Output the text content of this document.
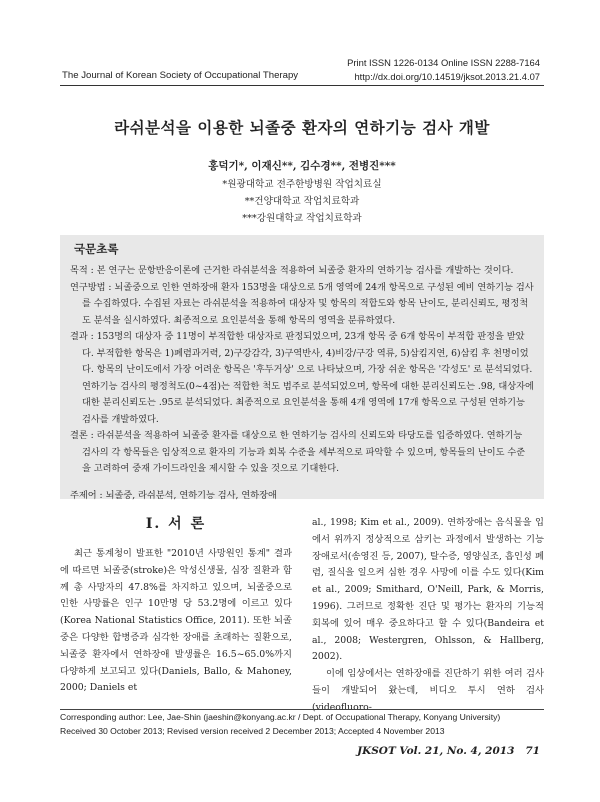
Print ISSN 1226-0134 Online ISSN 2288-7164
http://dx.doi.org/10.14519/jksot.2013.21.4.07
The Journal of Korean Society of Occupational Therapy
라쉬분석을 이용한 뇌졸중 환자의 연하기능 검사 개발
홍덕기*, 이재신**, 김수경**, 전병진***
*원광대학교 전주한방병원 작업치료실
**건양대학교 작업치료학과
***강원대학교 작업치료학과
국문초록

목적 : 본 연구는 문항반응이론에 근거한 라쉬분석을 적용하여 뇌졸중 환자의 연하기능 검사를 개발하는 것이다.

연구방법 : 뇌졸중으로 인한 연하장애 환자 153명을 대상으로 5개 영역에 24개 항목으로 구성된 예비 연하기능 검사를 수집하였다. 수집된 자료는 라쉬분석을 적용하여 대상자 및 항목의 적합도와 항목 난이도, 분리신뢰도, 평정척도 분석을 실시하였다. 최종적으로 요인분석을 통해 항목의 영역을 분류하였다.

결과 : 153명의 대상자 중 11명이 부적합한 대상자로 판정되었으며, 23개 항목 중 6개 항목이 부적합 판정을 받았다. 부적합한 항목은 1)폐렴과거력, 2)구강감각, 3)구역반사, 4)비강/구강 역류, 5)삼킴지연, 6)삼킴 후 천명이었다. 항목의 난이도에서 가장 어려운 항목은 '후두거상' 으로 나타났으며, 가장 쉬운 항목은 '각성도' 로 분석되었다. 연하기능 검사의 평정척도(0~4점)는 적합한 척도 범주로 분석되었으며, 항목에 대한 분리신뢰도는 .98, 대상자에 대한 분리신뢰도는 .95로 분석되었다. 최종적으로 요인분석을 통해 4개 영역에 17개 항목으로 구성된 연하기능 검사를 개발하였다.

결론 : 라쉬분석을 적용하여 뇌졸중 환자를 대상으로 한 연하기능 검사의 신뢰도와 타당도를 입증하였다. 연하기능 검사의 각 항목들은 임상적으로 환자의 기능과 회복 수준을 세부적으로 파악할 수 있으며, 항목들의 난이도 수준을 고려하여 중재 가이드라인을 제시할 수 있을 것으로 기대한다.

주제어 : 뇌졸중, 라쉬분석, 연하기능 검사, 연하장애
Ⅰ. 서 론

최근 통계청이 발표한 "2010년 사망원인 통계" 결과에 따르면 뇌졸중(stroke)은 악성신생물, 심장 질환과 함께 총 사망자의 47.8%를 차지하고 있으며, 뇌졸중으로 인한 사망률은 인구 10만명 당 53.2명에 이르고 있다(Korea National Statistics Office, 2011). 또한 뇌졸중은 다양한 합병증과 심각한 장애를 초래하는 질환으로, 뇌졸중 환자에서 연하장애 발생률은 16.5~65.0%까지 다양하게 보고되고 있다(Daniels, Ballo, & Mahoney, 2000; Daniels et

al., 1998; Kim et al., 2009). 연하장애는 음식물을 입에서 위까지 정상적으로 삼키는 과정에서 발생하는 기능장애로서(송영진 등, 2007), 탈수증, 영양실조, 흡인성 폐렴, 질식을 일으켜 심한 경우 사망에 이를 수도 있다(Kim et al., 2009; Smithard, O'Neill, Park, & Morris, 1996). 그러므로 정확한 진단 및 평가는 환자의 기능적 회복에 있어 매우 중요하다고 할 수 있다(Bandeira et al., 2008; Westergren, Ohlsson, & Hallberg, 2002).

이에 임상에서는 연하장애를 진단하기 위한 여러 검사들이 개발되어 왔는데, 비디오 투시 연하 검사(videofluoro-

Corresponding author: Lee, Jae-Shin (jaeshin@konyang.ac.kr / Dept. of Occupational Therapy, Konyang University)
Received 30 October 2013; Revised version received 2 December 2013; Accepted 4 November 2013
JKSOT Vol. 21, No. 4, 2013 71
